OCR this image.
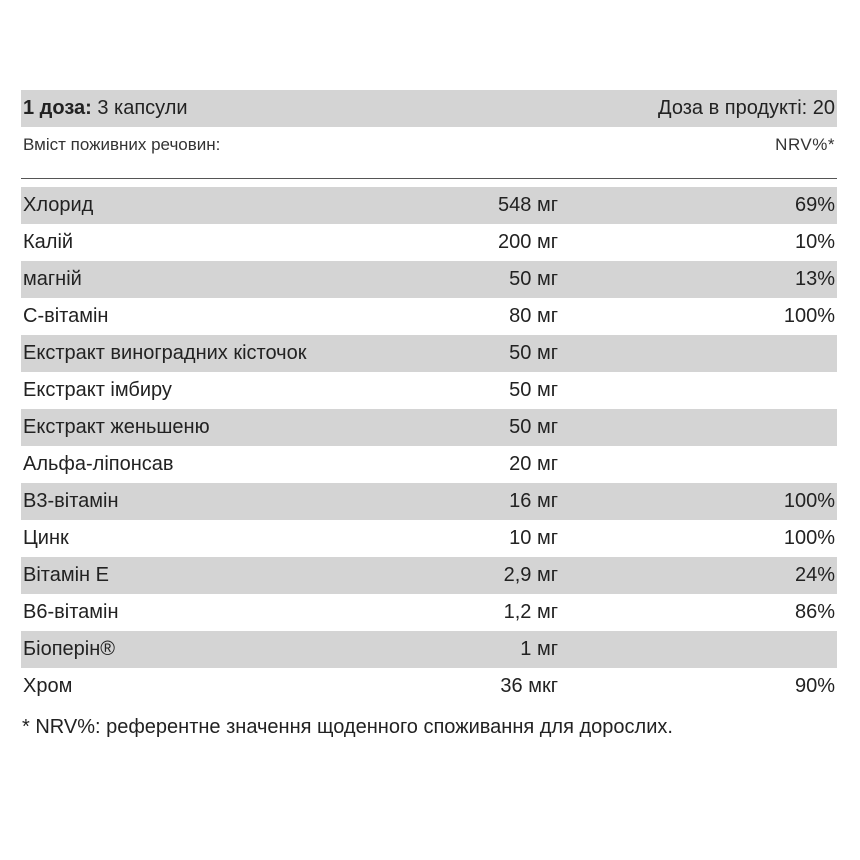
1 доза: 3 капсули	Доза в продукті: 20
Вміст поживних речовин:	NRV%*
Хлорид	548 мг	69%
Калій	200 мг	10%
магній	50 мг	13%
С-вітамін	80 мг	100%
Екстракт виноградних кісточок	50 мг
Екстракт імбиру	50 мг
Екстракт женьшеню	50 мг
Альфа-ліпонсав	20 мг
В3-вітамін	16 мг	100%
Цинк	10 мг	100%
Вітамін Е	2,9 мг	24%
В6-вітамін	1,2 мг	86%
Біоперін®	1 мг
Хром	36 мкг	90%
* NRV%: референтне значення щоденного споживання для дорослих.
